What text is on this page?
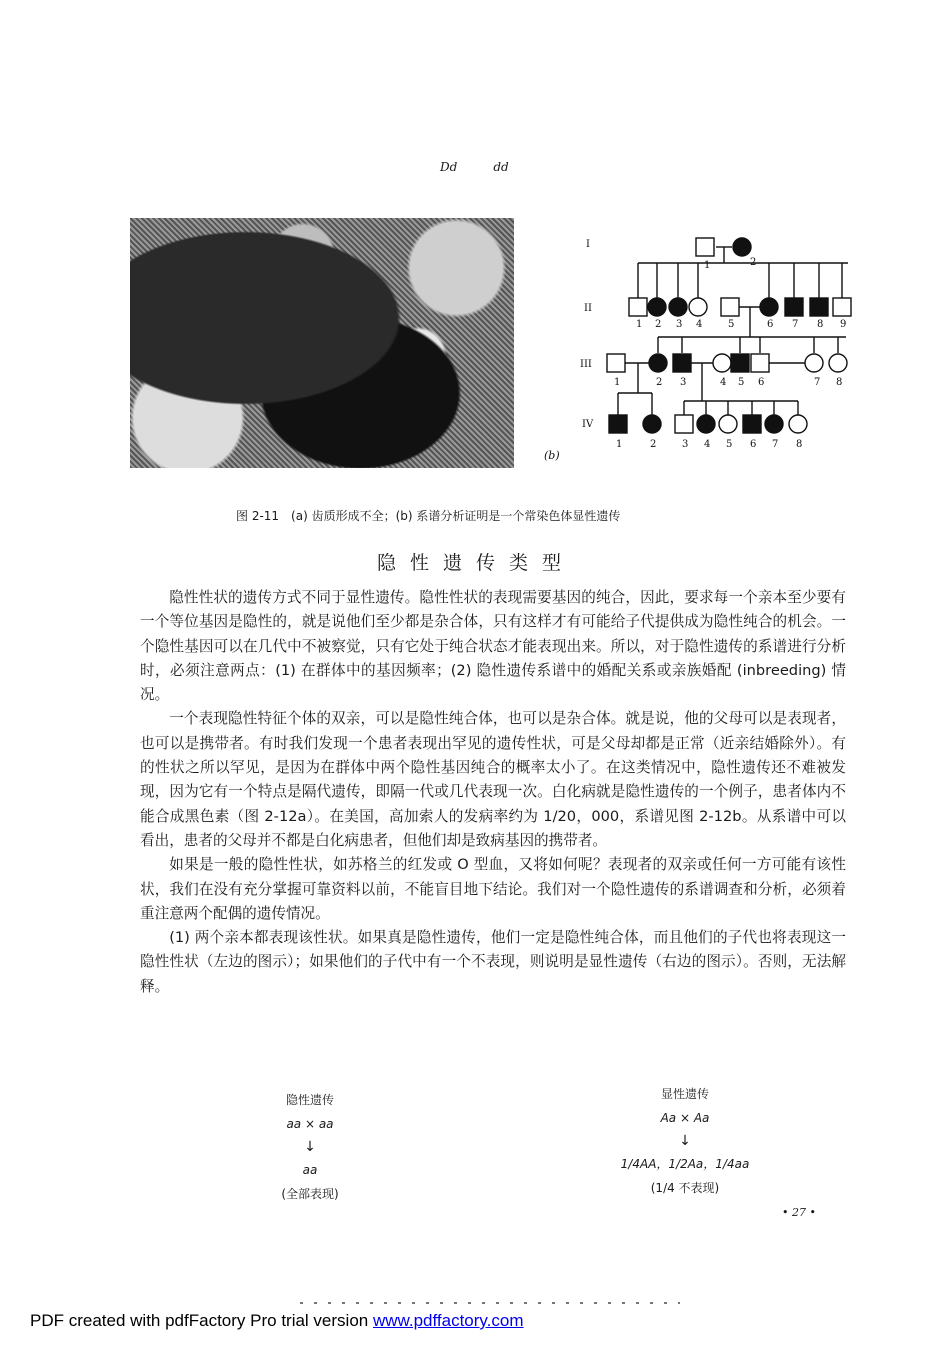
Dd	dd
I
II
III
IV
1	2
1 2 3 4	5	6 7 8 9
1	2 3	4 5 6	7 8
1	2	3 4 5 6 7 8
(b)
图 2-11　(a) 齿质形成不全；(b) 系谱分析证明是一个常染色体显性遗传
隐性遗传类型

隐性性状的遗传方式不同于显性遗传。隐性性状的表现需要基因的纯合，因此，要求每一个亲本至少要有一个等位基因是隐性的，就是说他们至少都是杂合体，只有这样才有可能给子代提供成为隐性纯合的机会。一个隐性基因可以在几代中不被察觉，只有它处于纯合状态才能表现出来。所以，对于隐性遗传的系谱进行分析时，必须注意两点：(1) 在群体中的基因频率；(2) 隐性遗传系谱中的婚配关系或亲族婚配 (inbreeding) 情况。

一个表现隐性特征个体的双亲，可以是隐性纯合体，也可以是杂合体。就是说，他的父母可以是表现者，也可以是携带者。有时我们发现一个患者表现出罕见的遗传性状，可是父母却都是正常（近亲结婚除外）。有的性状之所以罕见，是因为在群体中两个隐性基因纯合的概率太小了。在这类情况中，隐性遗传还不难被发现，因为它有一个特点是隔代遗传，即隔一代或几代表现一次。白化病就是隐性遗传的一个例子，患者体内不能合成黑色素（图 2-12a）。在美国，高加索人的发病率约为 1/20，000，系谱见图 2-12b。从系谱中可以看出，患者的父母并不都是白化病患者，但他们却是致病基因的携带者。

如果是一般的隐性性状，如苏格兰的红发或 O 型血，又将如何呢？表现者的双亲或任何一方可能有该性状，我们在没有充分掌握可靠资料以前，不能盲目地下结论。我们对一个隐性遗传的系谱调查和分析，必须着重注意两个配偶的遗传情况。

(1) 两个亲本都表现该性状。如果真是隐性遗传，他们一定是隐性纯合体，而且他们的子代也将表现这一隐性性状（左边的图示）；如果他们的子代中有一个不表现，则说明是显性遗传（右边的图示）。否则，无法解释。

隐性遗传
aa × aa
↓
aa
(全部表现)
显性遗传
Aa × Aa
↓
1/4AA，1/2Aa，1/4aa
(1/4 不表现)
• 27 •
PDF created with pdfFactory Pro trial version www.pdffactory.com
